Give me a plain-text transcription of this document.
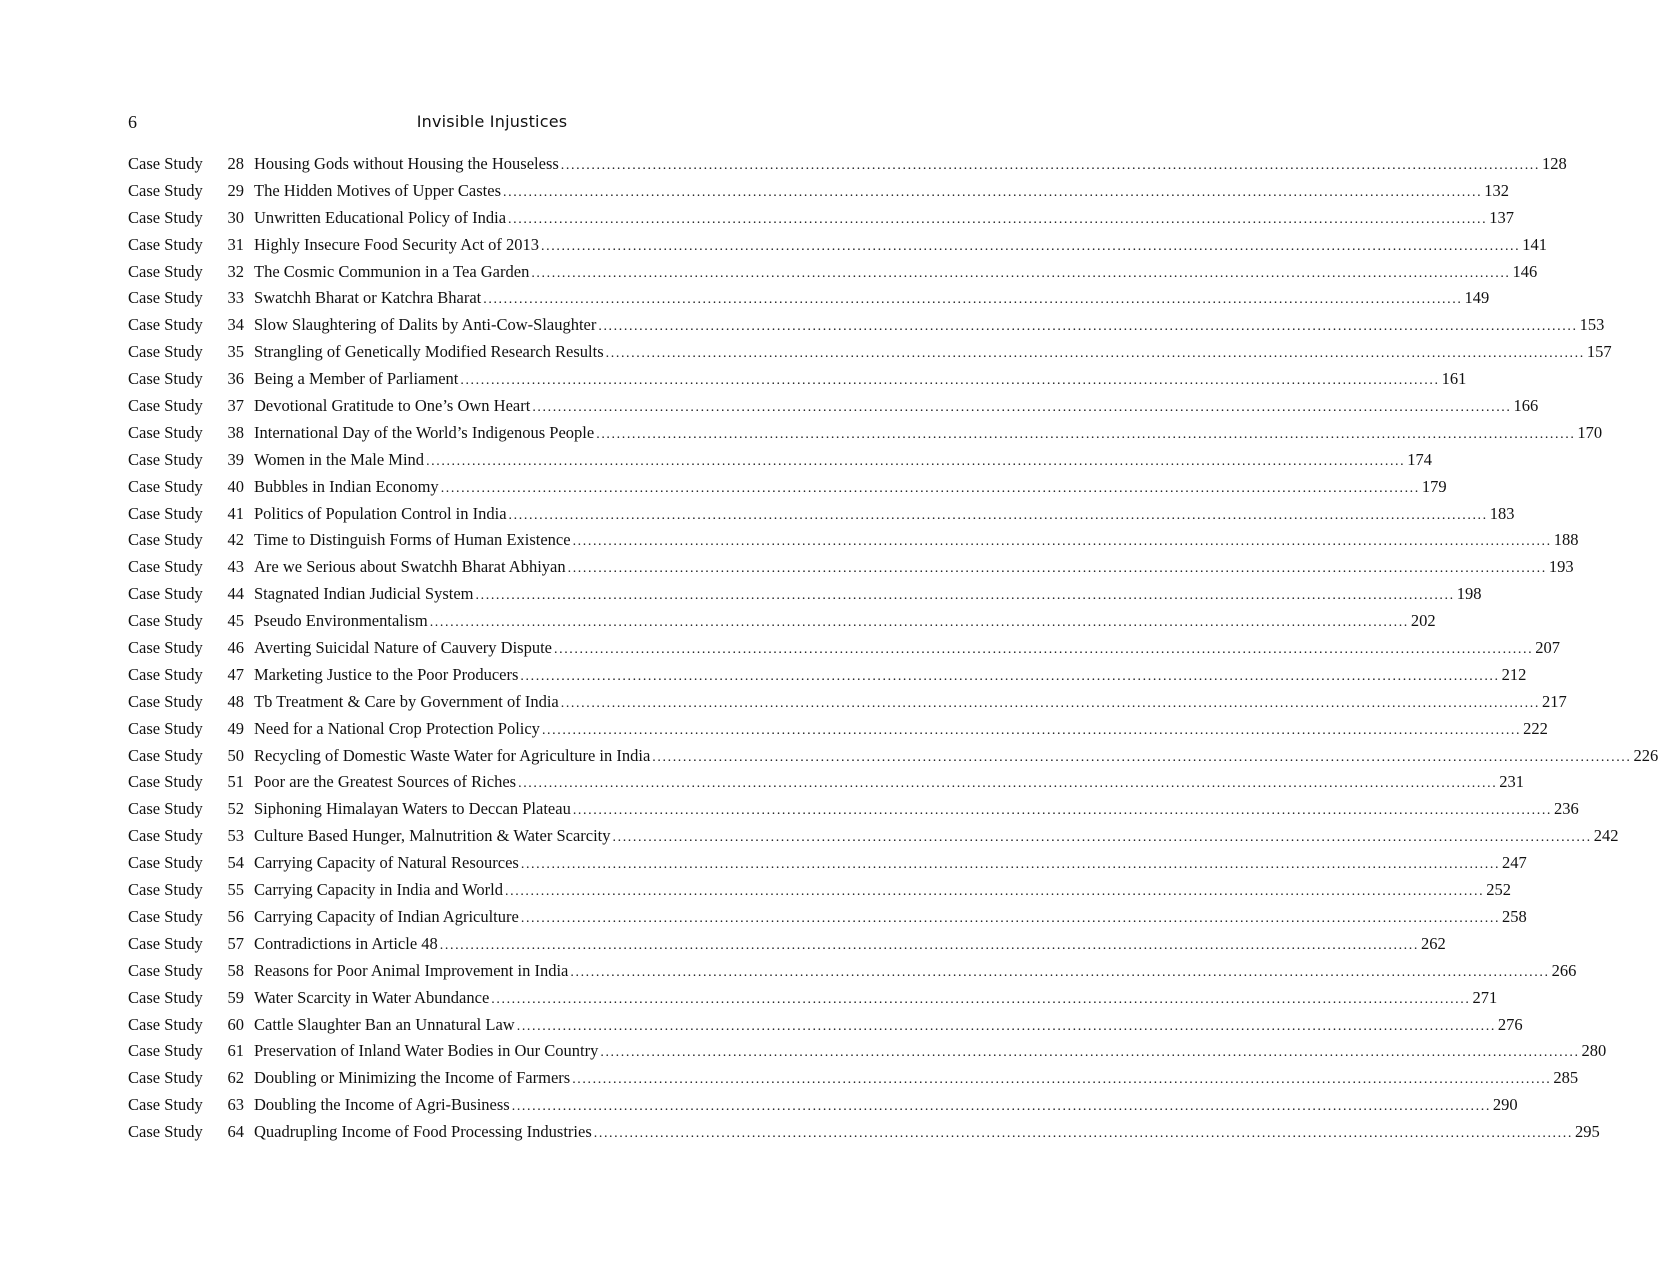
6	Invisible Injustices
Case Study	28 Housing Gods without Housing the Houseless .....	128
Case Study	29 The Hidden Motives of Upper Castes .....	132
Case Study	30 Unwritten Educational Policy of India .....	137
Case Study	31 Highly Insecure Food Security Act of 2013 .....	141
Case Study	32 The Cosmic Communion in a Tea Garden .....	146
Case Study	33 Swatchh Bharat or Katchra Bharat .....	149
Case Study	34 Slow Slaughtering of Dalits by Anti-Cow-Slaughter .....	153
Case Study	35 Strangling of Genetically Modified Research Results .....	157
Case Study	36 Being a Member of Parliament .....	161
Case Study	37 Devotional Gratitude to One’s Own Heart .....	166
Case Study	38 International Day of the World’s Indigenous People .....	170
Case Study	39 Women in the Male Mind .....	174
Case Study	40 Bubbles in Indian Economy .....	179
Case Study	41 Politics of Population Control in India .....	183
Case Study	42 Time to Distinguish Forms of Human Existence .....	188
Case Study	43 Are we Serious about Swatchh Bharat Abhiyan .....	193
Case Study	44 Stagnated Indian Judicial System .....	198
Case Study	45 Pseudo Environmentalism .....	202
Case Study	46 Averting Suicidal Nature of Cauvery Dispute .....	207
Case Study	47 Marketing Justice to the Poor Producers .....	212
Case Study	48 Tb Treatment & Care by Government of India .....	217
Case Study	49 Need for a National Crop Protection Policy .....	222
Case Study	50 Recycling of Domestic Waste Water for Agriculture in India .....	226
Case Study	51 Poor are the Greatest Sources of Riches .....	231
Case Study	52 Siphoning Himalayan Waters to Deccan Plateau .....	236
Case Study	53 Culture Based Hunger, Malnutrition & Water Scarcity .....	242
Case Study	54 Carrying Capacity of Natural Resources .....	247
Case Study	55 Carrying Capacity in India and World .....	252
Case Study	56 Carrying Capacity of Indian Agriculture .....	258
Case Study	57 Contradictions in Article 48 .....	262
Case Study	58 Reasons for Poor Animal Improvement in India .....	266
Case Study	59 Water Scarcity in Water Abundance .....	271
Case Study	60 Cattle Slaughter Ban an Unnatural Law .....	276
Case Study	61 Preservation of Inland Water Bodies in Our Country .....	280
Case Study	62 Doubling or Minimizing the Income of Farmers .....	285
Case Study	63 Doubling the Income of Agri-Business .....	290
Case Study	64 Quadrupling Income of Food Processing Industries .....	295
